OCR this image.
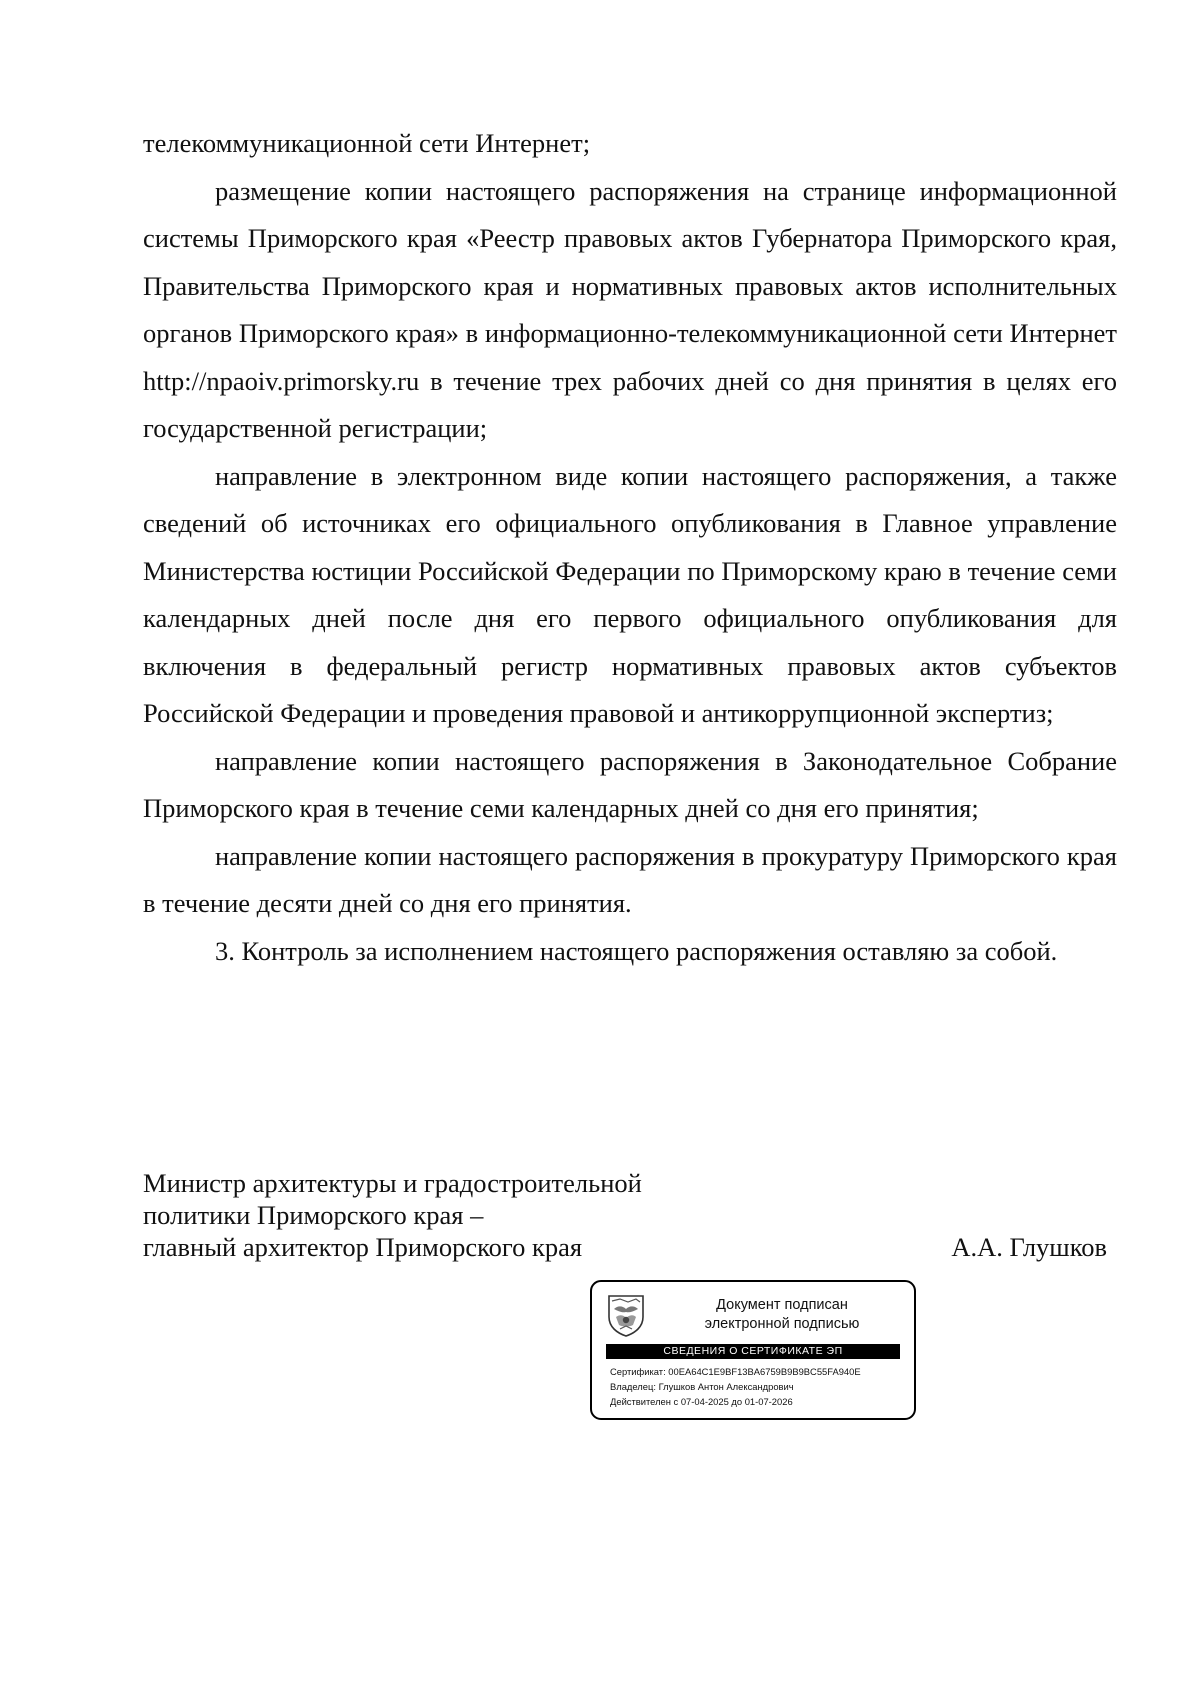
телекоммуникационной сети Интернет;

размещение копии настоящего распоряжения на странице информационной системы Приморского края «Реестр правовых актов Губернатора Приморского края, Правительства Приморского края и нормативных правовых актов исполнительных органов Приморского края» в информационно-телекоммуникационной сети Интернет http://npaoiv.primorsky.ru в течение трех рабочих дней со дня принятия в целях его государственной регистрации;

направление в электронном виде копии настоящего распоряжения, а также сведений об источниках его официального опубликования в Главное управление Министерства юстиции Российской Федерации по Приморскому краю в течение семи календарных дней после дня его первого официального опубликования для включения в федеральный регистр нормативных правовых актов субъектов Российской Федерации и проведения правовой и антикоррупционной экспертиз;

направление копии настоящего распоряжения в Законодательное Собрание Приморского края в течение семи календарных дней со дня его принятия;

направление копии настоящего распоряжения в прокуратуру Приморского края в течение десяти дней со дня его принятия.

3. Контроль за исполнением настоящего распоряжения оставляю за собой.

Министр архитектуры и градостроительной
политики Приморского края –
главный архитектор Приморского края	А.А. Глушков
Документ подписан
электронной подписью
СВЕДЕНИЯ О СЕРТИФИКАТЕ ЭП
Сертификат: 00EA64C1E9BF13BA6759B9B9BC55FA940E
Владелец: Глушков Антон Александрович
Действителен с 07-04-2025 до 01-07-2026
